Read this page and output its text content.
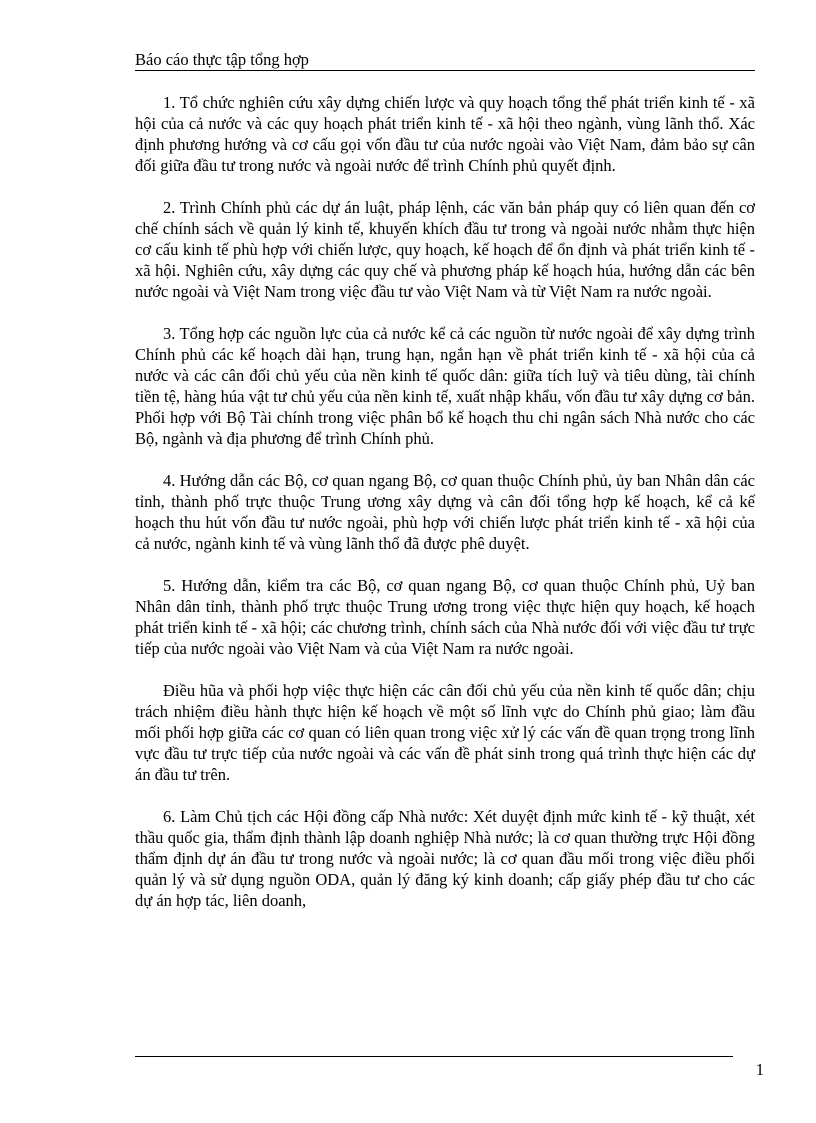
Báo cáo thực tập tổng hợp

1. Tổ chức nghiên cứu xây dựng chiến lược và quy hoạch tổng thể phát triển kinh tế - xã hội của cả nước và các quy hoạch phát triển kinh tế - xã hội theo ngành, vùng lãnh thổ. Xác định phương hướng và cơ cấu gọi vốn đầu tư của nước ngoài vào Việt Nam, đảm bảo sự cân đối giữa đầu tư trong nước và ngoài nước để trình Chính phủ quyết định.

2. Trình Chính phủ các dự án luật, pháp lệnh, các văn bản pháp quy có liên quan đến cơ chế chính sách về quản lý kinh tế, khuyến khích đầu tư trong và ngoài nước nhằm thực hiện cơ cấu kinh tế phù hợp với chiến lược, quy hoạch, kế hoạch để ổn định và phát triển kinh tế - xã hội. Nghiên cứu, xây dựng các quy chế và phương pháp kế hoạch húa, hướng dẫn các bên nước ngoài và Việt Nam trong việc đầu tư vào Việt Nam và từ Việt Nam ra nước ngoài.

3. Tổng hợp các nguồn lực của cả nước kể cả các nguồn từ nước ngoài để xây dựng trình Chính phủ các kế hoạch dài hạn, trung hạn, ngắn hạn về phát triển kinh tế - xã hội của cả nước và các cân đối chủ yếu của nền kinh tế quốc dân: giữa tích luỹ và tiêu dùng, tài chính tiền tệ, hàng húa vật tư chủ yếu của nền kinh tế, xuất nhập khẩu, vốn đầu tư xây dựng cơ bản. Phối hợp với Bộ Tài chính trong việc phân bổ kế hoạch thu chi ngân sách Nhà nước cho các Bộ, ngành và địa phương để trình Chính phủ.

4. Hướng dẫn các Bộ, cơ quan ngang Bộ, cơ quan thuộc Chính phủ, ủy ban Nhân dân các tỉnh, thành phố trực thuộc Trung ương xây dựng và cân đối tổng hợp kế hoạch, kể cả kế hoạch thu hút vốn đầu tư nước ngoài, phù hợp với chiến lược phát triển kinh tế - xã hội của cả nước, ngành kinh tế và vùng lãnh thổ đã được phê duyệt.

5. Hướng dẫn, kiểm tra các Bộ, cơ quan ngang Bộ, cơ quan thuộc Chính phủ, Uỷ ban Nhân dân tỉnh, thành phố trực thuộc Trung ương trong việc thực hiện quy hoạch, kế hoạch phát triển kinh tế - xã hội; các chương trình, chính sách của Nhà nước đối với việc đầu tư trực tiếp của nước ngoài vào Việt Nam và của Việt Nam ra nước ngoài.

Điều hũa và phối hợp việc thực hiện các cân đối chủ yếu của nền kinh tế quốc dân; chịu trách nhiệm điều hành thực hiện kế hoạch về một số lĩnh vực do Chính phủ giao; làm đầu mối phối hợp giữa các cơ quan có liên quan trong việc xử lý các vấn đề quan trọng trong lĩnh vực đầu tư trực tiếp của nước ngoài và các vấn đề phát sinh trong quá trình thực hiện các dự án đầu tư trên.

6. Làm Chủ tịch các Hội đồng cấp Nhà nước: Xét duyệt định mức kinh tế - kỹ thuật, xét thầu quốc gia, thẩm định thành lập doanh nghiệp Nhà nước; là cơ quan thường trực Hội đồng thẩm định dự án đầu tư trong nước và ngoài nước; là cơ quan đầu mối trong việc điều phối quản lý và sử dụng nguồn ODA, quản lý đăng ký kinh doanh; cấp giấy phép đầu tư cho các dự án hợp tác, liên doanh,

1
